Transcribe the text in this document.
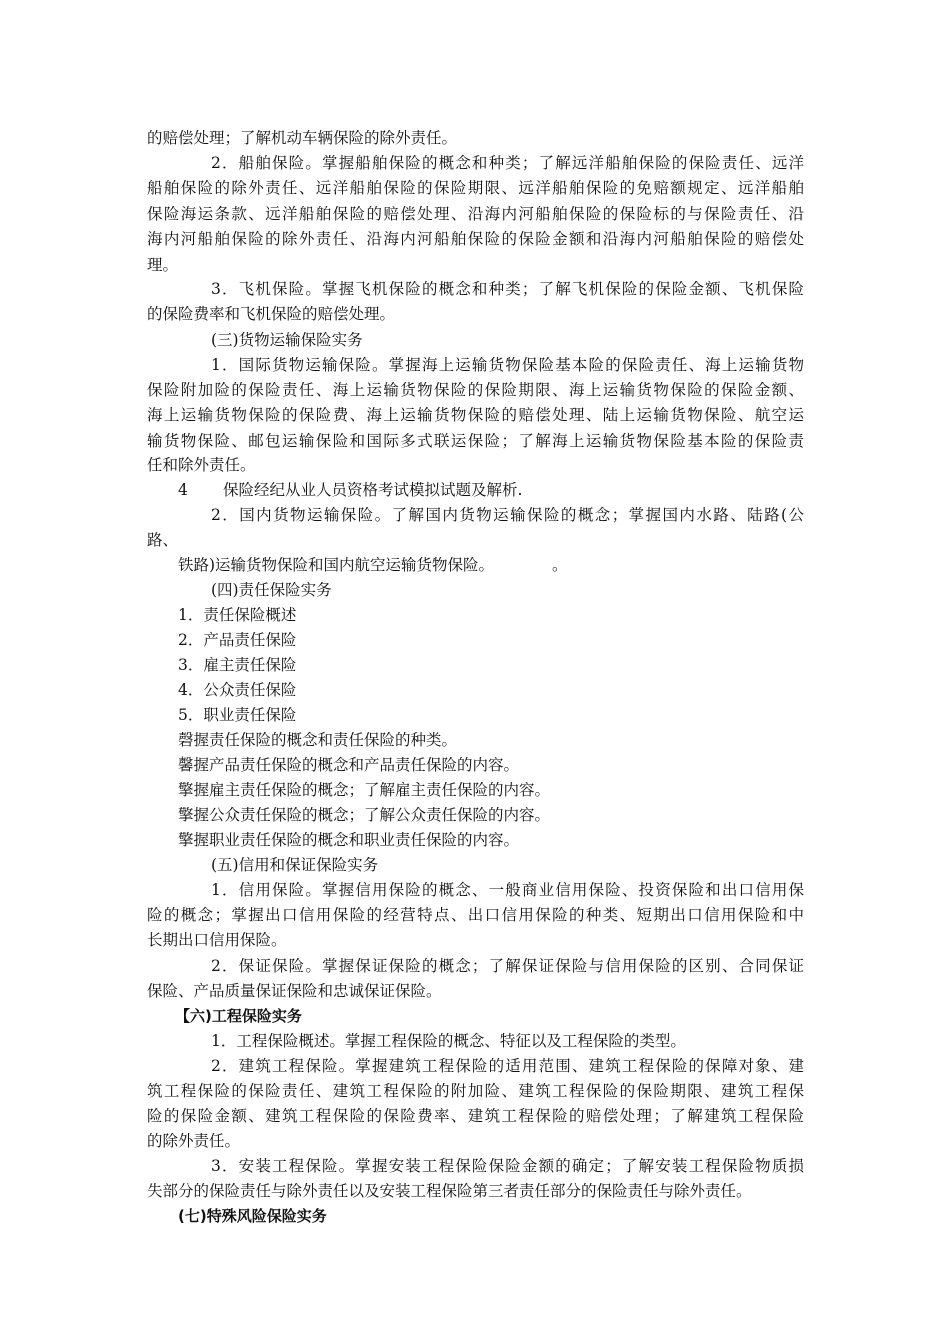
的赔偿处理；了解机动车辆保险的除外责任。
2．船舶保险。掌握船舶保险的概念和种类；了解远洋船舶保险的保险责任、远洋
船舶保险的除外责任、远洋船舶保险的保险期限、远洋船舶保险的免赔额规定、远洋船舶
保险海运条款、远洋船舶保险的赔偿处理、沿海内河船舶保险的保险标的与保险责任、沿
海内河船舶保险的除外责任、沿海内河船舶保险的保险金额和沿海内河船舶保险的赔偿处
理。
3．飞机保险。掌握飞机保险的概念和种类；了解飞机保险的保险金额、飞机保险
的保险费率和飞机保险的赔偿处理。
(三)货物运输保险实务
1．国际货物运输保险。掌握海上运输货物保险基本险的保险责任、海上运输货物
保险附加险的保险责任、海上运输货物保险的保险期限、海上运输货物保险的保险金额、
海上运输货物保险的保险费、海上运输货物保险的赔偿处理、陆上运输货物保险、航空运
输货物保险、邮包运输保险和国际多式联运保险；了解海上运输货物保险基本险的保险责
任和除外责任。
4 保险经纪从业人员资格考试模拟试题及解析.
2．国内货物运输保险。了解国内货物运输保险的概念；掌握国内水路、陆路(公
路、
铁路)运输货物保险和国内航空运输货物保险。	。
(四)责任保险实务
1．责任保险概述
2．产品责任保险
3．雇主责任保险
4．公众责任保险
5．职业责任保险
磬握责任保险的概念和责任保险的种类。
馨握产品责任保险的概念和产品责任保险的内容。
擎握雇主责任保险的概念；了解雇主责任保险的内容。
擎握公众责任保险的概念；了解公众责任保险的内容。
擎握职业责任保险的概念和职业责任保险的内容。
(五)信用和保证保险实务
1．信用保险。掌握信用保险的概念、一般商业信用保险、投资保险和出口信用保
险的概念；掌握出口信用保险的经营特点、出口信用保险的种类、短期出口信用保险和中
长期出口信用保险。
2．保证保险。掌握保证保险的概念；了解保证保险与信用保险的区别、合同保证
保险、产品质量保证保险和忠诚保证保险。
【六)工程保险实务
1．工程保险概述。掌握工程保险的概念、特征以及工程保险的类型。
2．建筑工程保险。掌握建筑工程保险的适用范围、建筑工程保险的保障对象、建
筑工程保险的保险责任、建筑工程保险的附加险、建筑工程保险的保险期限、建筑工程保
险的保险金额、建筑工程保险的保险费率、建筑工程保险的赔偿处理；了解建筑工程保险
的除外责任。
3．安装工程保险。掌握安装工程保险保险金额的确定；了解安装工程保险物质损
失部分的保险责任与除外责任以及安装工程保险第三者责任部分的保险责任与除外责任。
(七)特殊风险保险实务
